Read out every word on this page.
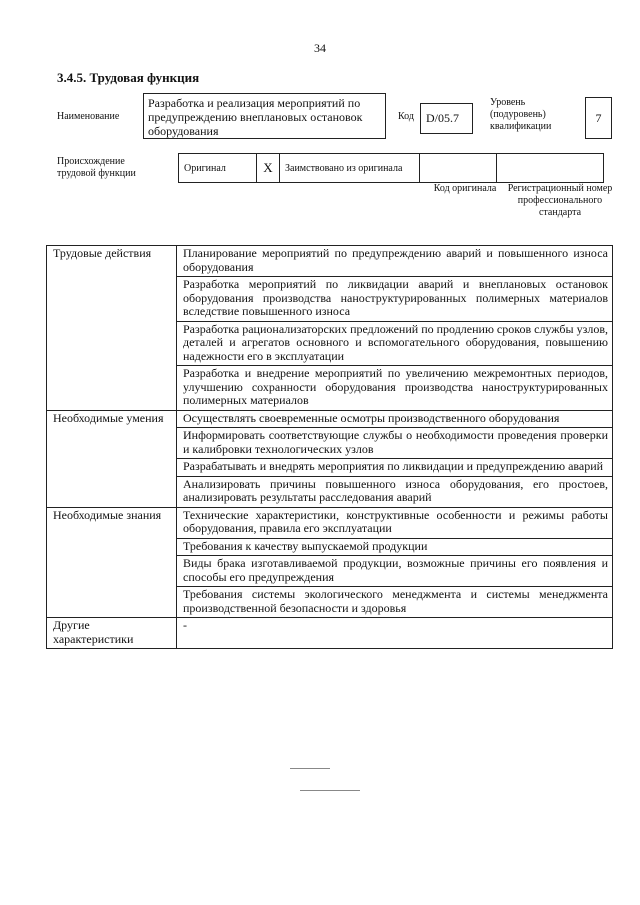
34
3.4.5. Трудовая функция
Наименование
Разработка и реализация мероприятий по предупреждению внеплановых остановок оборудования
Код	D/05.7
Уровень (подуровень) квалификации
7
Происхождение трудовой функции	Оригинал	X	Заимствовано из оригинала		
Код оригинала	Регистрационный номер профессионального стандарта
Трудовые действия	Планирование мероприятий по предупреждению аварий и повышенного износа оборудования
	Разработка мероприятий по ликвидации аварий и внеплановых остановок оборудования производства наноструктурированных полимерных материалов вследствие повышенного износа
	Разработка рационализаторских предложений по продлению сроков службы узлов, деталей и агрегатов основного и вспомогательного оборудования, повышению надежности его в эксплуатации
	Разработка и внедрение мероприятий по увеличению межремонтных периодов, улучшению сохранности оборудования производства наноструктурированных полимерных материалов
Необходимые умения	Осуществлять своевременные осмотры производственного оборудования
	Информировать соответствующие службы о необходимости проведения проверки и калибровки технологических узлов
	Разрабатывать и внедрять мероприятия по ликвидации и предупреждению аварий
	Анализировать причины повышенного износа оборудования, его простоев, анализировать результаты расследования аварий
Необходимые знания	Технические характеристики, конструктивные особенности и режимы работы оборудования, правила его эксплуатации
	Требования к качеству выпускаемой продукции
	Виды брака изготавливаемой продукции, возможные причины его появления и способы его предупреждения
	Требования системы экологического менеджмента и системы менеджмента производственной безопасности и здоровья
Другие характеристики	-
